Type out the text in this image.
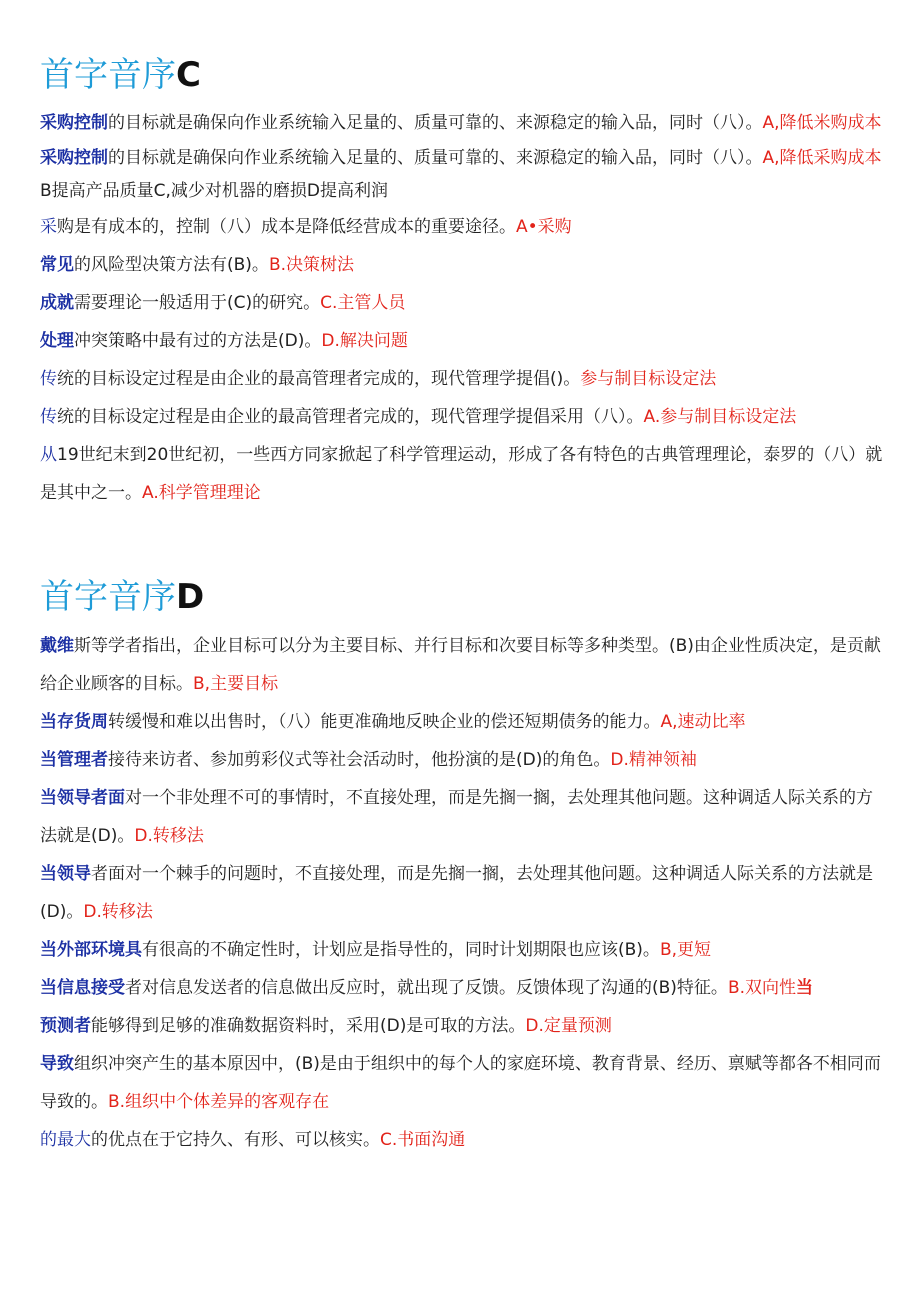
首字音序C

采购控制的目标就是确保向作业系统输入足量的、质量可靠的、来源稳定的输入品，同时（八）。A,降低米购成本

采购控制的目标就是确保向作业系统输入足量的、质量可靠的、来源稳定的输入品，同时（八）。A,降低采购成本B提高产品质量C,减少对机器的磨损D提高利润

采购是有成本的，控制（八）成本是降低经营成本的重要途径。A•采购

常见的风险型决策方法有(B)。B.决策树法

成就需要理论一般适用于(C)的研究。C.主管人员

处理冲突策略中最有过的方法是(D)。D.解决问题

传统的目标设定过程是由企业的最高管理者完成的，现代管理学提倡()。参与制目标设定法

传统的目标设定过程是由企业的最高管理者完成的，现代管理学提倡采用（八）。A.参与制目标设定法

从19世纪末到20世纪初，一些西方同家掀起了科学管理运动，形成了各有特色的古典管理理论，泰罗的（八）就是其中之一。A.科学管理理论

首字音序D

戴维斯等学者指出，企业目标可以分为主要目标、并行目标和次要目标等多种类型。(B)由企业性质决定，是贡献给企业顾客的目标。B,主要目标

当存货周转缓慢和难以出售时，（八）能更准确地反映企业的偿还短期债务的能力。A,速动比率

当管理者接待来访者、参加剪彩仪式等社会活动时，他扮演的是(D)的角色。D.精神领袖

当领导者面对一个非处理不可的事情时，不直接处理，而是先搁一搁，去处理其他问题。这种调适人际关系的方法就是(D)。D.转移法

当领导者面对一个棘手的问题时，不直接处理，而是先搁一搁，去处理其他问题。这种调适人际关系的方法就是(D)。D.转移法

当外部环境具有很高的不确定性时，计划应是指导性的，同时计划期限也应该(B)。B,更短

当信息接受者对信息发送者的信息做出反应时，就出现了反馈。反馈体现了沟通的(B)特征。B.双向性当

预测者能够得到足够的准确数据资料时，采用(D)是可取的方法。D.定量预测

导致组织冲突产生的基本原因中，(B)是由于组织中的每个人的家庭环境、教育背景、经历、禀赋等都各不相同而导致的。B.组织中个体差异的客观存在

的最大的优点在于它持久、有形、可以核实。C.书面沟通
